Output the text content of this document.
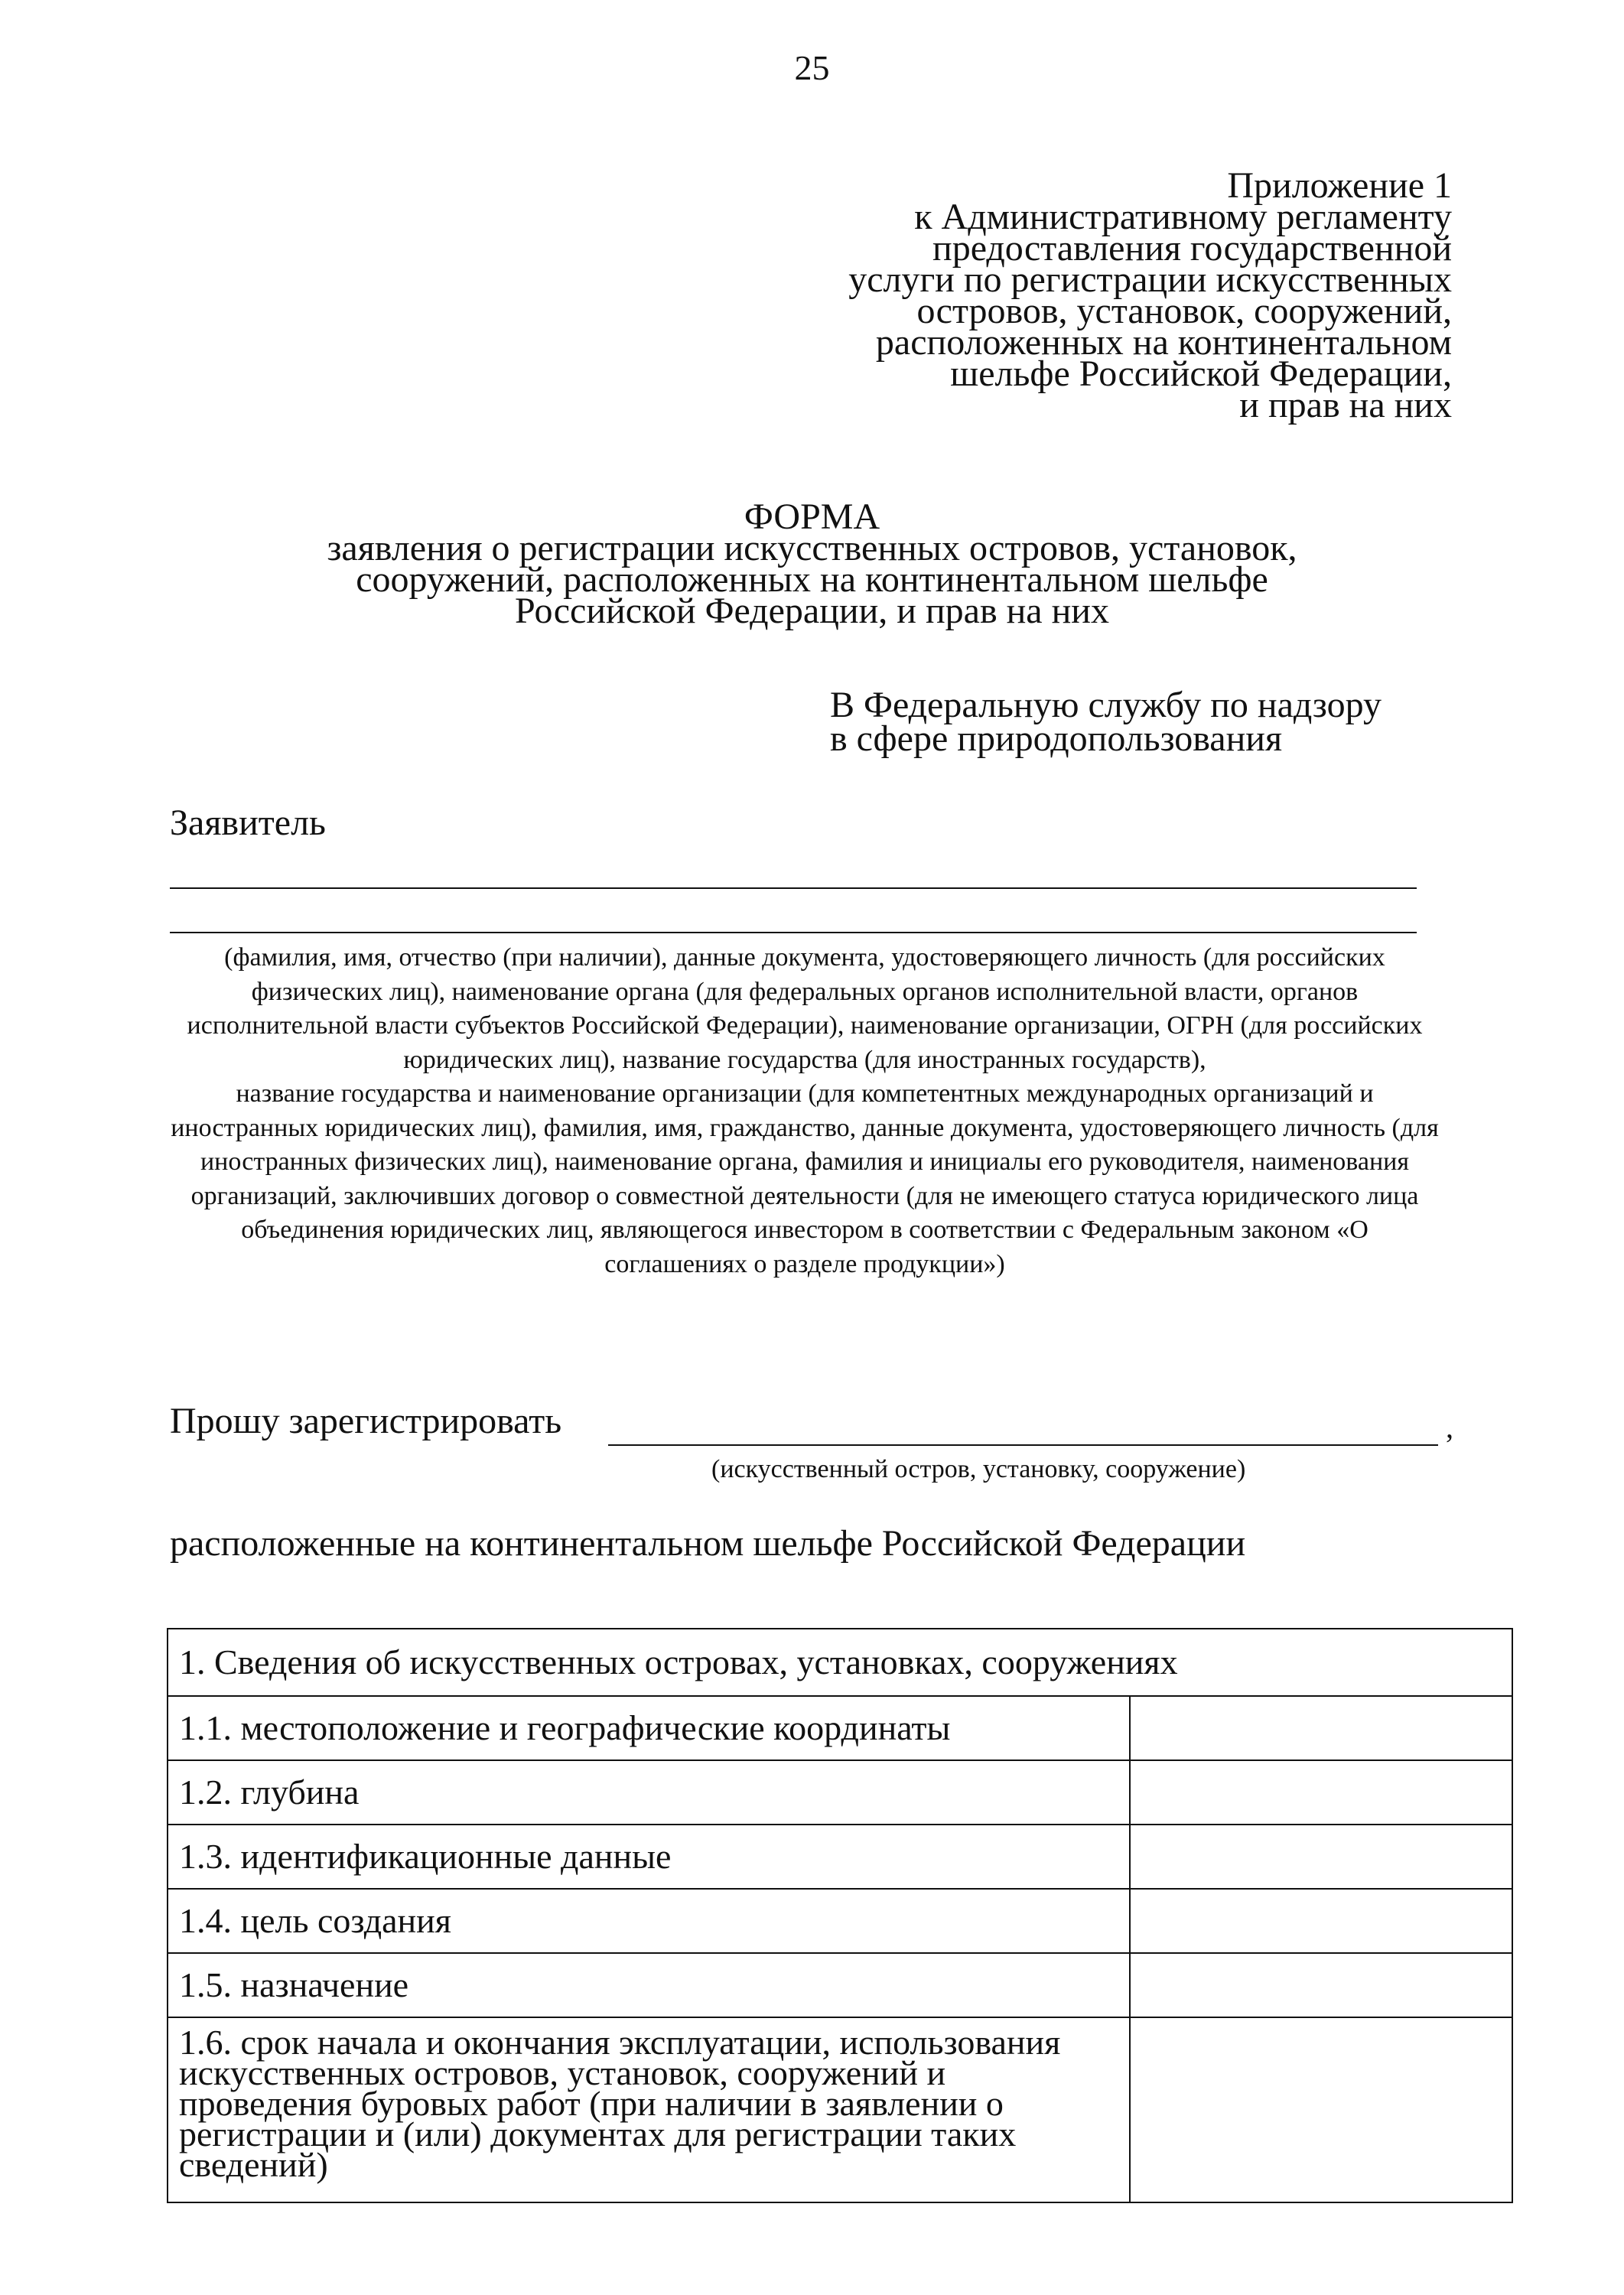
25
Приложение 1
к Административному регламенту
предоставления государственной
услуги по регистрации искусственных
островов, установок, сооружений,
расположенных на континентальном
шельфе Российской Федерации,
и прав на них
ФОРМА
заявления о регистрации искусственных островов, установок,
сооружений, расположенных на континентальном шельфе
Российской Федерации, и прав на них
В Федеральную службу по надзору
в сфере природопользования
Заявитель
(фамилия, имя, отчество (при наличии), данные документа, удостоверяющего личность (для российских физических лиц), наименование органа (для федеральных органов исполнительной власти, органов исполнительной власти субъектов Российской Федерации), наименование организации, ОГРН (для российских юридических лиц), название государства (для иностранных государств),
название государства и наименование организации (для компетентных международных организаций и иностранных юридических лиц), фамилия, имя, гражданство, данные документа, удостоверяющего личность (для иностранных физических лиц), наименование органа, фамилия и инициалы его руководителя, наименования организаций, заключивших договор о совместной деятельности (для не имеющего статуса юридического лица объединения юридических лиц, являющегося инвестором в соответствии с Федеральным законом «О соглашениях о разделе продукции»)
Прошу зарегистрировать	,
(искусственный остров, установку, сооружение)
расположенные на континентальном шельфе Российской Федерации
1. Сведения об искусственных островах, установках, сооружениях	
1.1. местоположение и географические координаты	
1.2. глубина	
1.3. идентификационные данные	
1.4. цель создания	
1.5. назначение	
1.6. срок начала и окончания эксплуатации, использования искусственных островов, установок, сооружений и проведения буровых работ (при наличии в заявлении о регистрации и (или) документах для регистрации таких сведений)	
